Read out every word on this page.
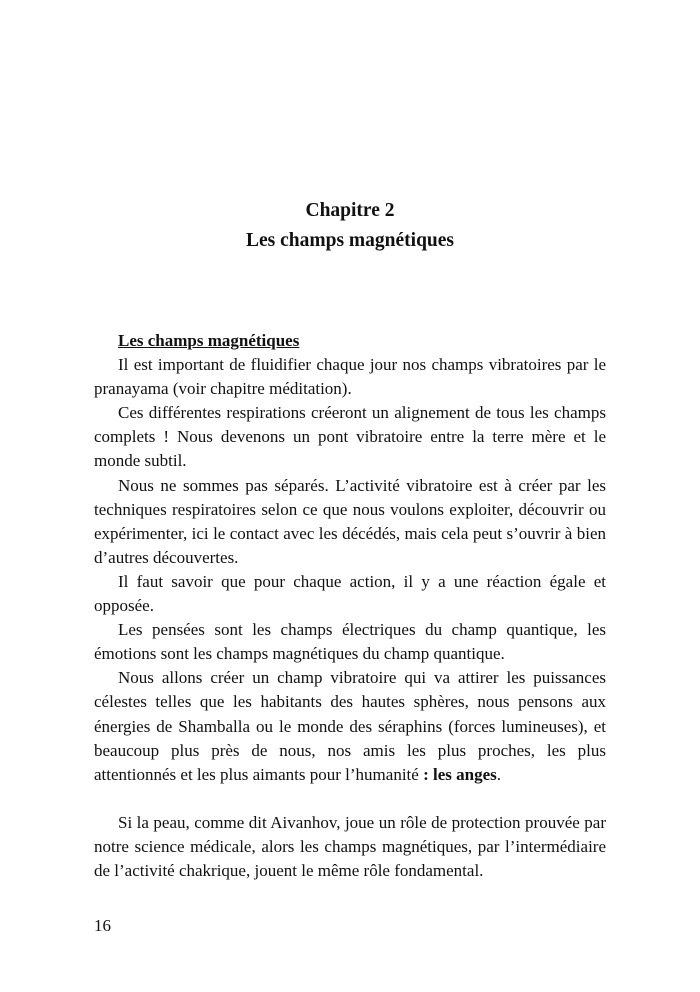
Chapitre 2
Les champs magnétiques
Les champs magnétiques

Il est important de fluidifier chaque jour nos champs vibratoires par le pranayama (voir chapitre méditation).

Ces différentes respirations créeront un alignement de tous les champs complets ! Nous devenons un pont vibratoire entre la terre mère et le monde subtil.

Nous ne sommes pas séparés. L’activité vibratoire est à créer par les techniques respiratoires selon ce que nous voulons exploiter, découvrir ou expérimenter, ici le contact avec les décédés, mais cela peut s’ouvrir à bien d’autres découvertes.

Il faut savoir que pour chaque action, il y a une réaction égale et opposée.

Les pensées sont les champs électriques du champ quantique, les émotions sont les champs magnétiques du champ quantique.

Nous allons créer un champ vibratoire qui va attirer les puissances célestes telles que les habitants des hautes sphères, nous pensons aux énergies de Shamballa ou le monde des séraphins (forces lumineuses), et beaucoup plus près de nous, nos amis les plus proches, les plus attentionnés et les plus aimants pour l’humanité : les anges.

Si la peau, comme dit Aivanhov, joue un rôle de protection prouvée par notre science médicale, alors les champs magnétiques, par l’intermédiaire de l’activité chakrique, jouent le même rôle fondamental.

16
